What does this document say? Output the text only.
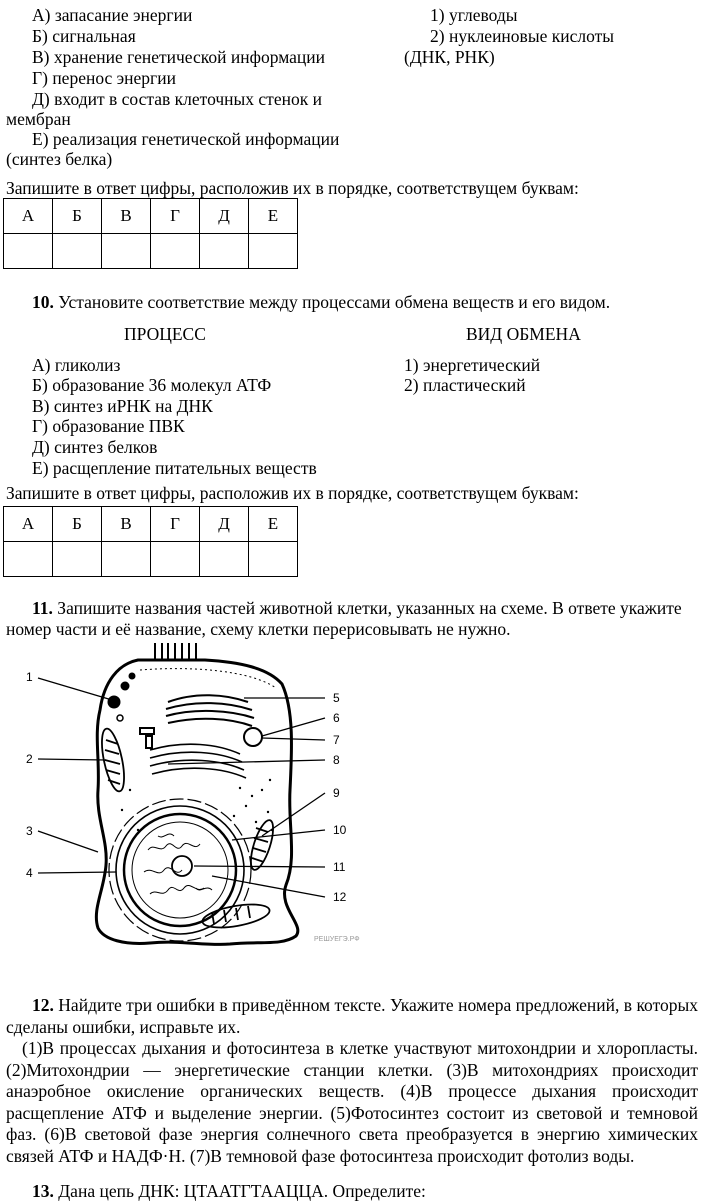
А) запасание энергии
Б) сигнальная
В) хранение генетической информации
Г) перенос энергии
Д) входит в состав клеточных стенок и
мембран
Е) реализация генетической информации
(синтез белка)
1) углеводы
2) нуклеиновые кислоты
(ДНК, РНК)
Запишите в ответ цифры, расположив их в порядке, соответствущем буквам:
А	Б	В	Г	Д	Е

10. Установите соответствие между процессами обмена веществ и его видом.
ПРОЦЕСС	ВИД ОБМЕНА
А) гликолиз
Б) образование 36 молекул АТФ
В) синтез иРНК на ДНК
Г) образование ПВК
Д) синтез белков
Е) расщепление питательных веществ
1) энергетический
2) пластический
Запишите в ответ цифры, расположив их в порядке, соответствущем буквам:
А	Б	В	Г	Д	Е

11. Запишите названия частей животной клетки, указанных на схеме. В ответе укажите
номер части и её название, схему клетки перерисовывать не нужно.
1
2
3
4
5
6
7
8
9
10
11
12
РЕШУЕГЭ.РФ
12. Найдите три ошибки в приведённом тексте. Укажите номера предложений, в которых сделаны ошибки, исправьте их.
(1)В процессах дыхания и фотосинтеза в клетке участвуют митохондрии и хлоропласты. (2)Митохондрии — энергетические станции клетки. (3)В митохондриях происходит анаэробное окисление органических веществ. (4)В процессе дыхания происходит расщепление АТФ и выделение энергии. (5)Фотосинтез состоит из световой и темновой фаз. (6)В световой фазе энергия солнечного света преобразуется в энергию химических связей АТФ и НАДФ·Н. (7)В темновой фазе фотосинтеза происходит фотолиз воды.
13. Дана цепь ДНК: ЦТААТГТААЦЦА. Определите:
